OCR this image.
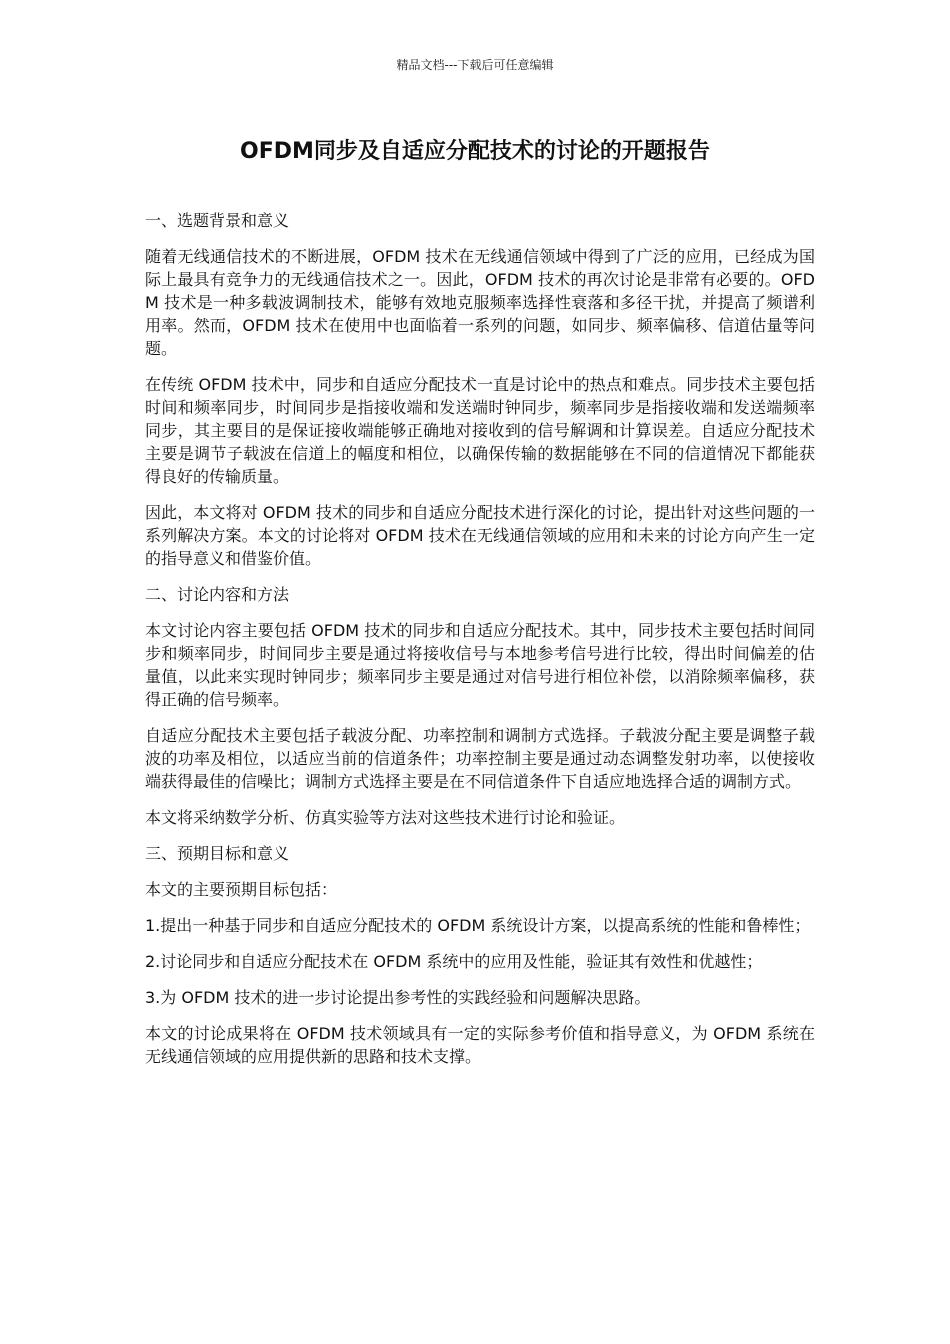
精品文档---下载后可任意编辑
OFDM同步及自适应分配技术的讨论的开题报告
一、选题背景和意义

随着无线通信技术的不断进展，OFDM 技术在无线通信领域中得到了广泛的应用，已经成为国际上最具有竞争力的无线通信技术之一。因此，OFDM 技术的再次讨论是非常有必要的。OFDM 技术是一种多载波调制技术，能够有效地克服频率选择性衰落和多径干扰，并提高了频谱利用率。然而，OFDM 技术在使用中也面临着一系列的问题，如同步、频率偏移、信道估量等问题。

在传统 OFDM 技术中，同步和自适应分配技术一直是讨论中的热点和难点。同步技术主要包括时间和频率同步，时间同步是指接收端和发送端时钟同步，频率同步是指接收端和发送端频率同步，其主要目的是保证接收端能够正确地对接收到的信号解调和计算误差。自适应分配技术主要是调节子载波在信道上的幅度和相位，以确保传输的数据能够在不同的信道情况下都能获得良好的传输质量。

因此，本文将对 OFDM 技术的同步和自适应分配技术进行深化的讨论，提出针对这些问题的一系列解决方案。本文的讨论将对 OFDM 技术在无线通信领域的应用和未来的讨论方向产生一定的指导意义和借鉴价值。

二、讨论内容和方法

本文讨论内容主要包括 OFDM 技术的同步和自适应分配技术。其中，同步技术主要包括时间同步和频率同步，时间同步主要是通过将接收信号与本地参考信号进行比较，得出时间偏差的估量值，以此来实现时钟同步；频率同步主要是通过对信号进行相位补偿，以消除频率偏移，获得正确的信号频率。

自适应分配技术主要包括子载波分配、功率控制和调制方式选择。子载波分配主要是调整子载波的功率及相位，以适应当前的信道条件；功率控制主要是通过动态调整发射功率，以使接收端获得最佳的信噪比；调制方式选择主要是在不同信道条件下自适应地选择合适的调制方式。

本文将采纳数学分析、仿真实验等方法对这些技术进行讨论和验证。

三、预期目标和意义

本文的主要预期目标包括：

1.提出一种基于同步和自适应分配技术的 OFDM 系统设计方案，以提高系统的性能和鲁棒性；

2.讨论同步和自适应分配技术在 OFDM 系统中的应用及性能，验证其有效性和优越性；

3.为 OFDM 技术的进一步讨论提出参考性的实践经验和问题解决思路。

本文的讨论成果将在 OFDM 技术领域具有一定的实际参考价值和指导意义，为 OFDM 系统在无线通信领域的应用提供新的思路和技术支撑。
